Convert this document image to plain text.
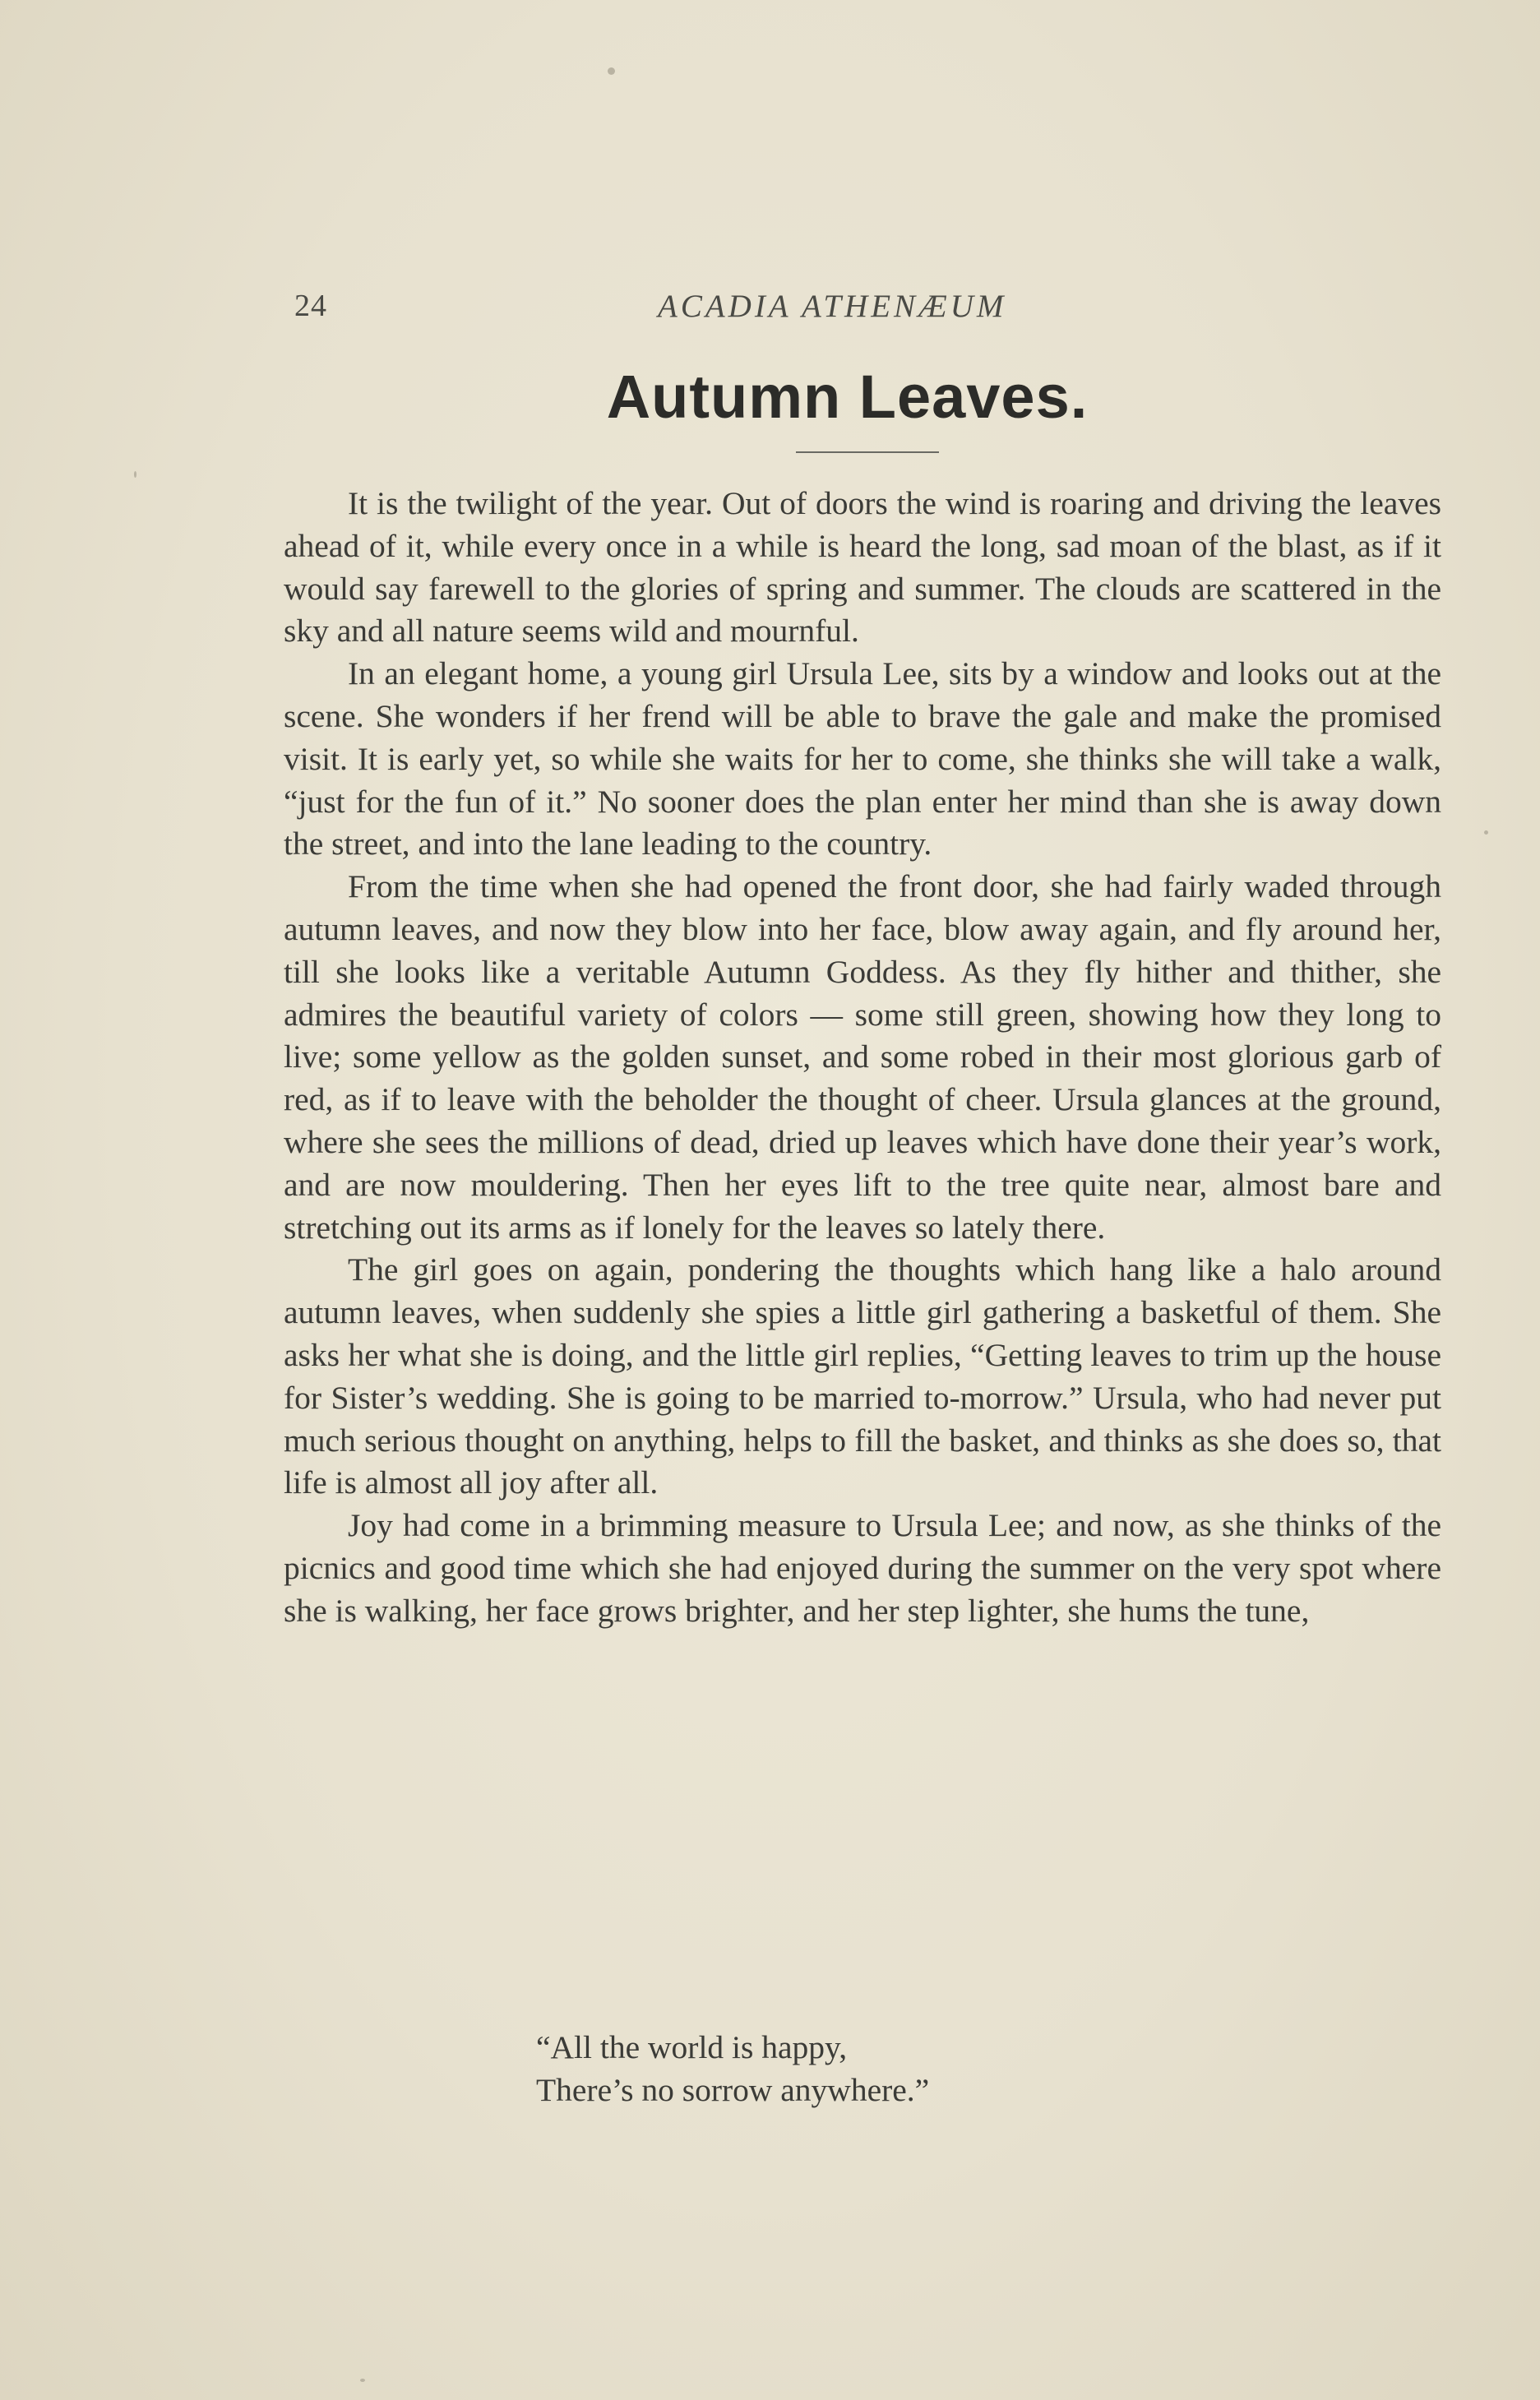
24	ACADIA ATHENÆUM
Autumn Leaves.

It is the twilight of the year. Out of doors the wind is roaring and driving the leaves ahead of it, while every once in a while is heard the long, sad moan of the blast, as if it would say farewell to the glories of spring and summer. The clouds are scattered in the sky and all nature seems wild and mournful.

In an elegant home, a young girl Ursula Lee, sits by a window and looks out at the scene. She wonders if her frend will be able to brave the gale and make the promised visit. It is early yet, so while she waits for her to come, she thinks she will take a walk, “just for the fun of it.” No sooner does the plan enter her mind than she is away down the street, and into the lane leading to the country.

From the time when she had opened the front door, she had fairly waded through autumn leaves, and now they blow into her face, blow away again, and fly around her, till she looks like a veritable Autumn Goddess. As they fly hither and thither, she admires the beautiful variety of colors — some still green, showing how they long to live; some yellow as the golden sunset, and some robed in their most glorious garb of red, as if to leave with the beholder the thought of cheer. Ursula glances at the ground, where she sees the millions of dead, dried up leaves which have done their year’s work, and are now mouldering. Then her eyes lift to the tree quite near, almost bare and stretching out its arms as if lonely for the leaves so lately there.

The girl goes on again, pondering the thoughts which hang like a halo around autumn leaves, when suddenly she spies a little girl gathering a basketful of them. She asks her what she is doing, and the little girl replies, “Getting leaves to trim up the house for Sister’s wedding. She is going to be married to-morrow.” Ursula, who had never put much serious thought on anything, helps to fill the basket, and thinks as she does so, that life is almost all joy after all.

Joy had come in a brimming measure to Ursula Lee; and now, as she thinks of the picnics and good time which she had enjoyed during the summer on the very spot where she is walking, her face grows brighter, and her step lighter, she hums the tune,

“All the world is happy,
There’s no sorrow anywhere.”
